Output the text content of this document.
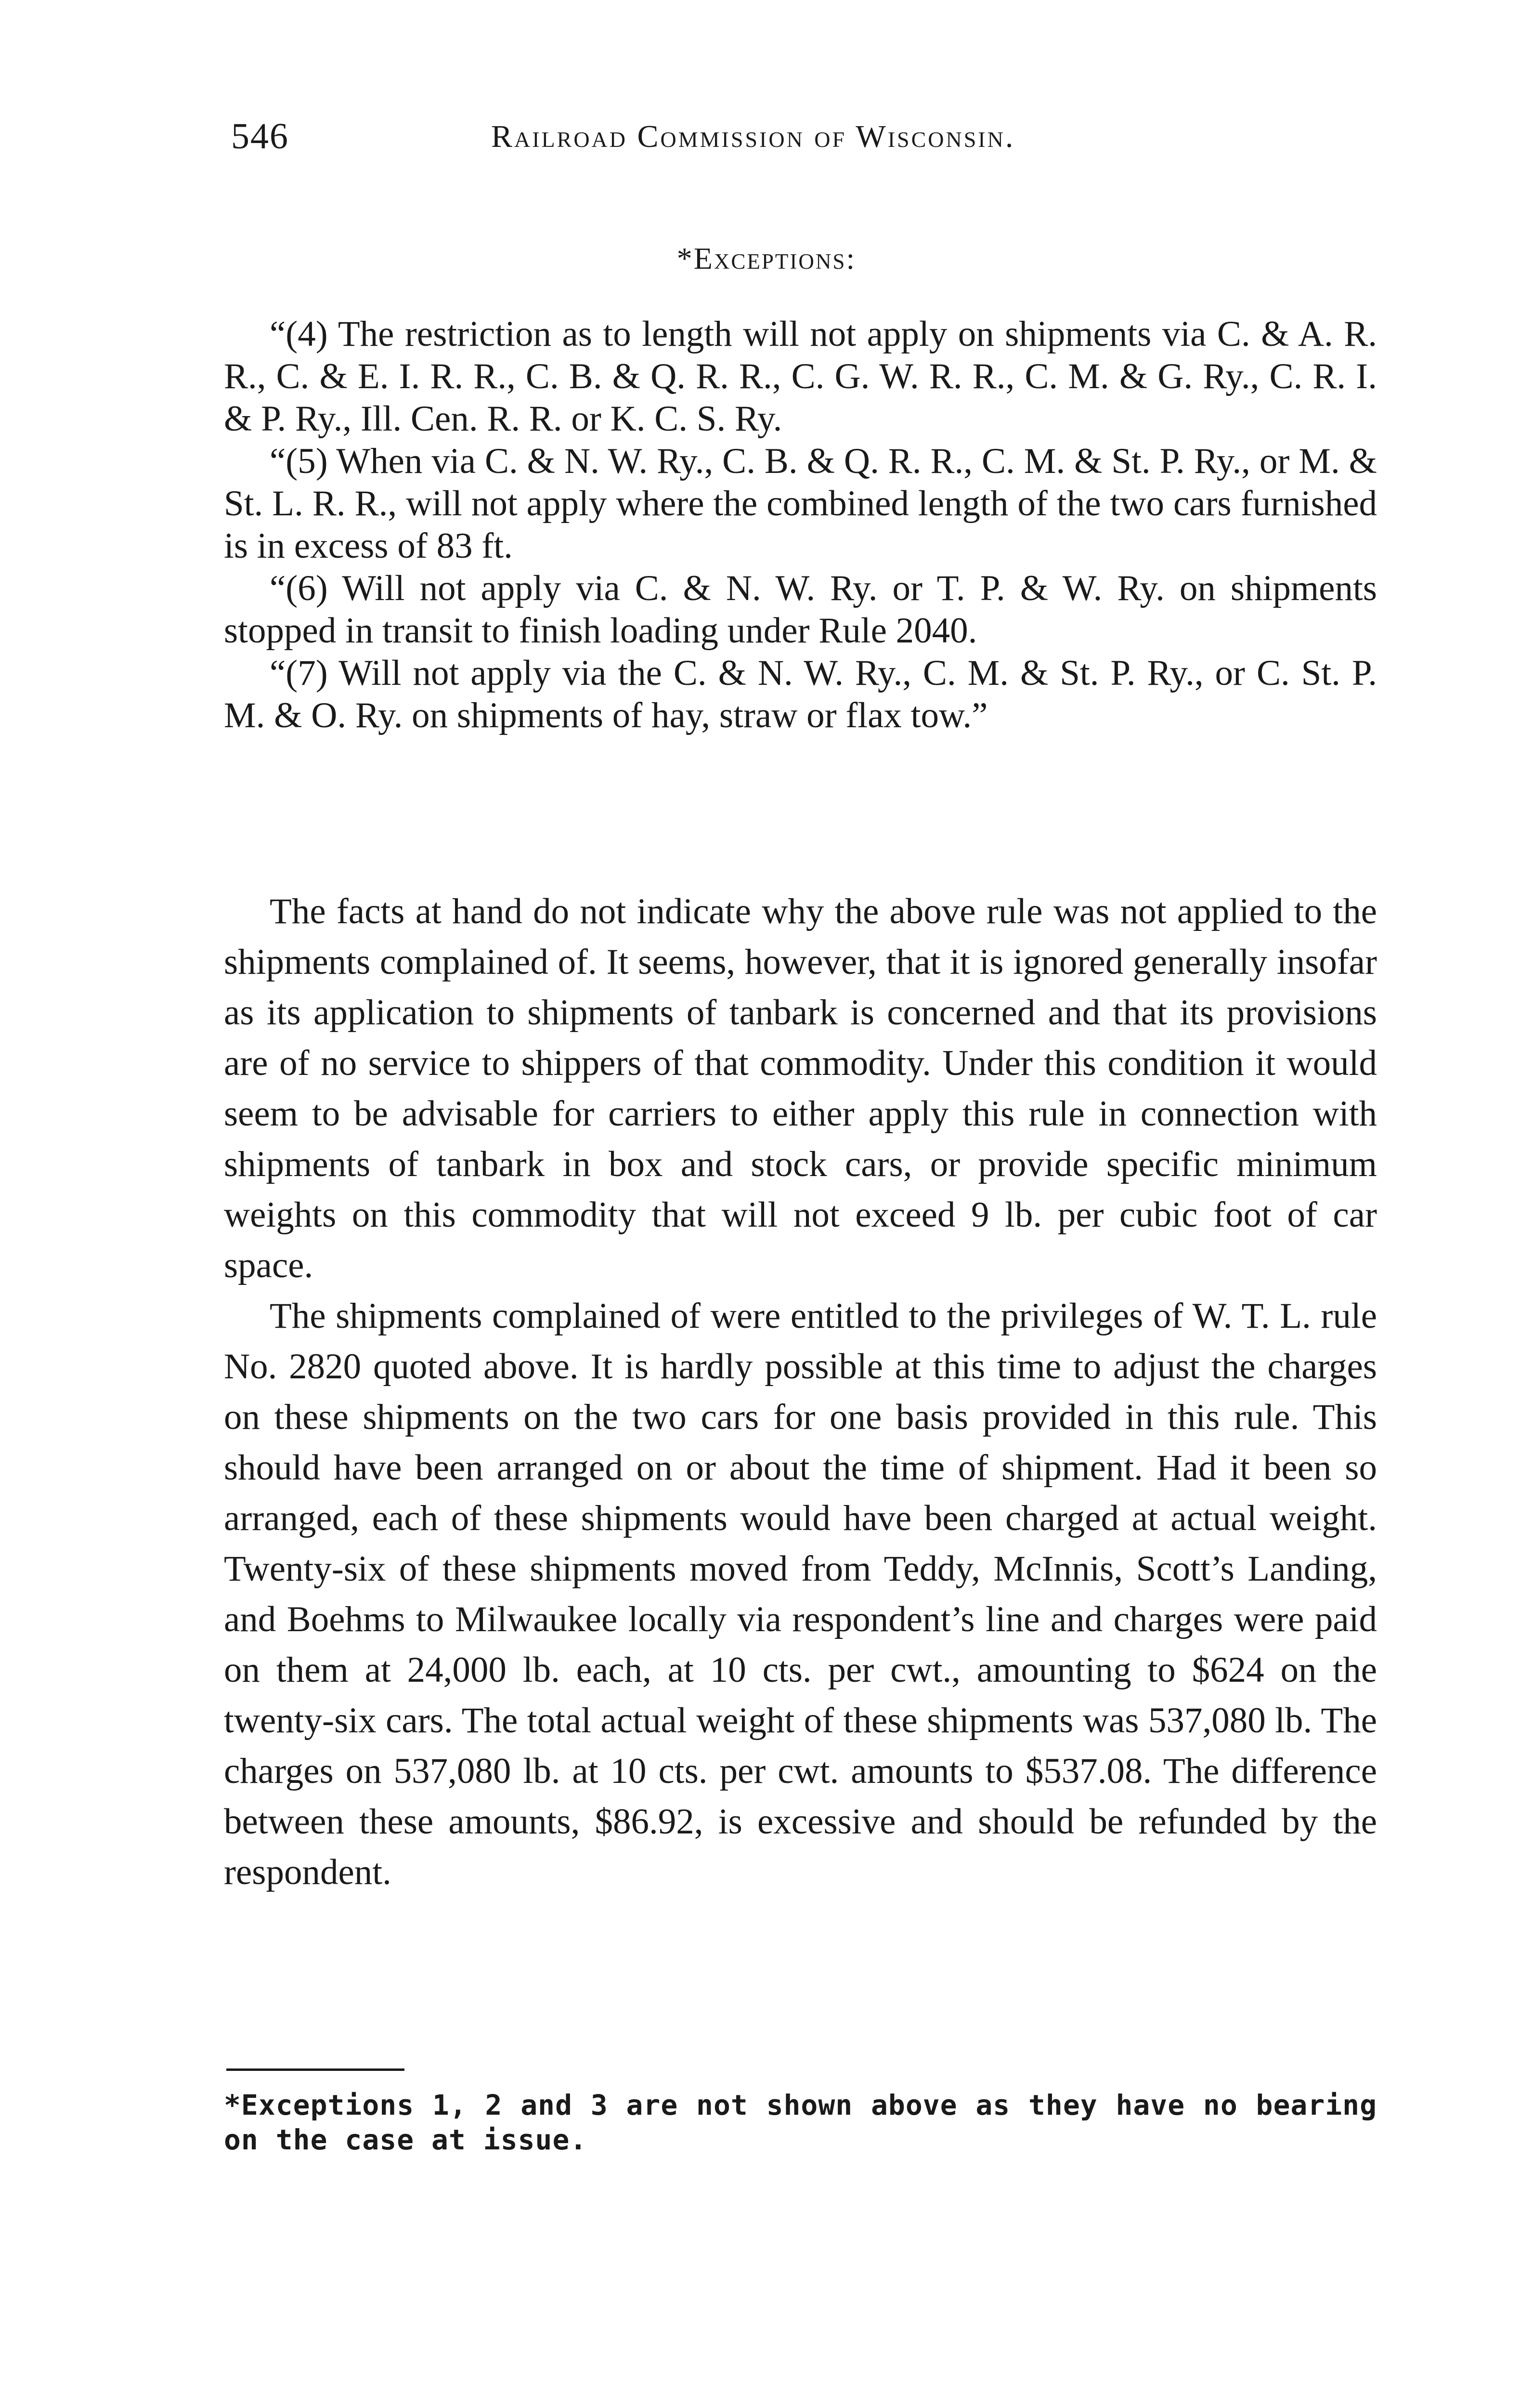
546	Railroad Commission of Wisconsin.
*Exceptions:

“(4) The restriction as to length will not apply on shipments via C. & A. R. R., C. & E. I. R. R., C. B. & Q. R. R., C. G. W. R. R., C. M. & G. Ry., C. R. I. & P. Ry., Ill. Cen. R. R. or K. C. S. Ry.

“(5) When via C. & N. W. Ry., C. B. & Q. R. R., C. M. & St. P. Ry., or M. & St. L. R. R., will not apply where the combined length of the two cars furnished is in excess of 83 ft.

“(6) Will not apply via C. & N. W. Ry. or T. P. & W. Ry. on shipments stopped in transit to finish loading under Rule 2040.

“(7) Will not apply via the C. & N. W. Ry., C. M. & St. P. Ry., or C. St. P. M. & O. Ry. on shipments of hay, straw or flax tow.”

The facts at hand do not indicate why the above rule was not applied to the shipments complained of. It seems, however, that it is ignored generally insofar as its application to shipments of tanbark is concerned and that its provisions are of no service to shippers of that commodity. Under this condition it would seem to be advisable for carriers to either apply this rule in connection with shipments of tanbark in box and stock cars, or provide specific minimum weights on this commodity that will not exceed 9 lb. per cubic foot of car space.

The shipments complained of were entitled to the privileges of W. T. L. rule No. 2820 quoted above. It is hardly possible at this time to adjust the charges on these shipments on the two cars for one basis provided in this rule. This should have been arranged on or about the time of shipment. Had it been so arranged, each of these shipments would have been charged at actual weight. Twenty-six of these shipments moved from Teddy, McInnis, Scott’s Landing, and Boehms to Milwaukee locally via respondent’s line and charges were paid on them at 24,000 lb. each, at 10 cts. per cwt., amounting to $624 on the twenty-six cars. The total actual weight of these shipments was 537,080 lb. The charges on 537,080 lb. at 10 cts. per cwt. amounts to $537.08. The difference between these amounts, $86.92, is excessive and should be refunded by the respondent.

*Exceptions 1, 2 and 3 are not shown above as they have no bearing on the case at issue.
